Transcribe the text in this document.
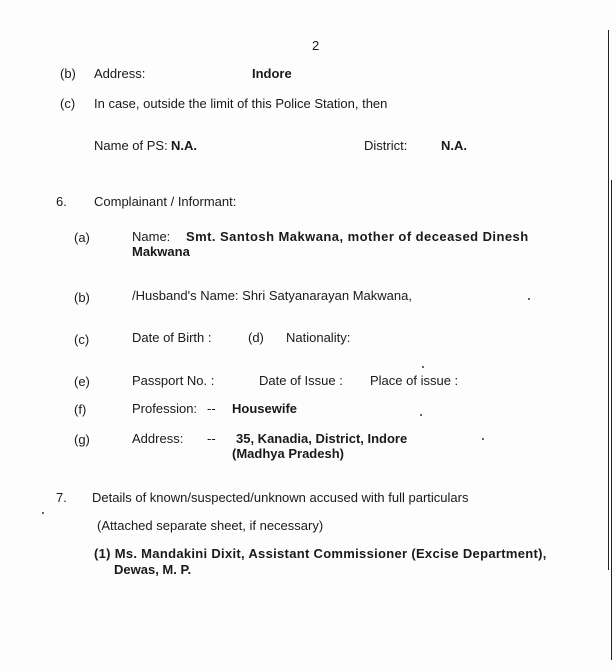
2
(b) Address:	Indore
(c) In case, outside the limit of this Police Station, then
Name of PS: N.A.	District:	N.A.
6. Complainant / Informant:
(a)	Name: Smt. Santosh Makwana, mother of deceased Dinesh
Makwana
(b)	/Husband's Name: Shri Satyanarayan Makwana,
(c)	Date of Birth :	(d) Nationality:
(e)	Passport No. :	Date of Issue : Place of issue :
(f)	Profession: -- Housewife
(g)	Address: -- 35, Kanadia, District, Indore
(Madhya Pradesh)
7. Details of known/suspected/unknown accused with full particulars
(Attached separate sheet, if necessary)
(1) Ms. Mandakini Dixit, Assistant Commissioner (Excise Department),
Dewas, M. P.
